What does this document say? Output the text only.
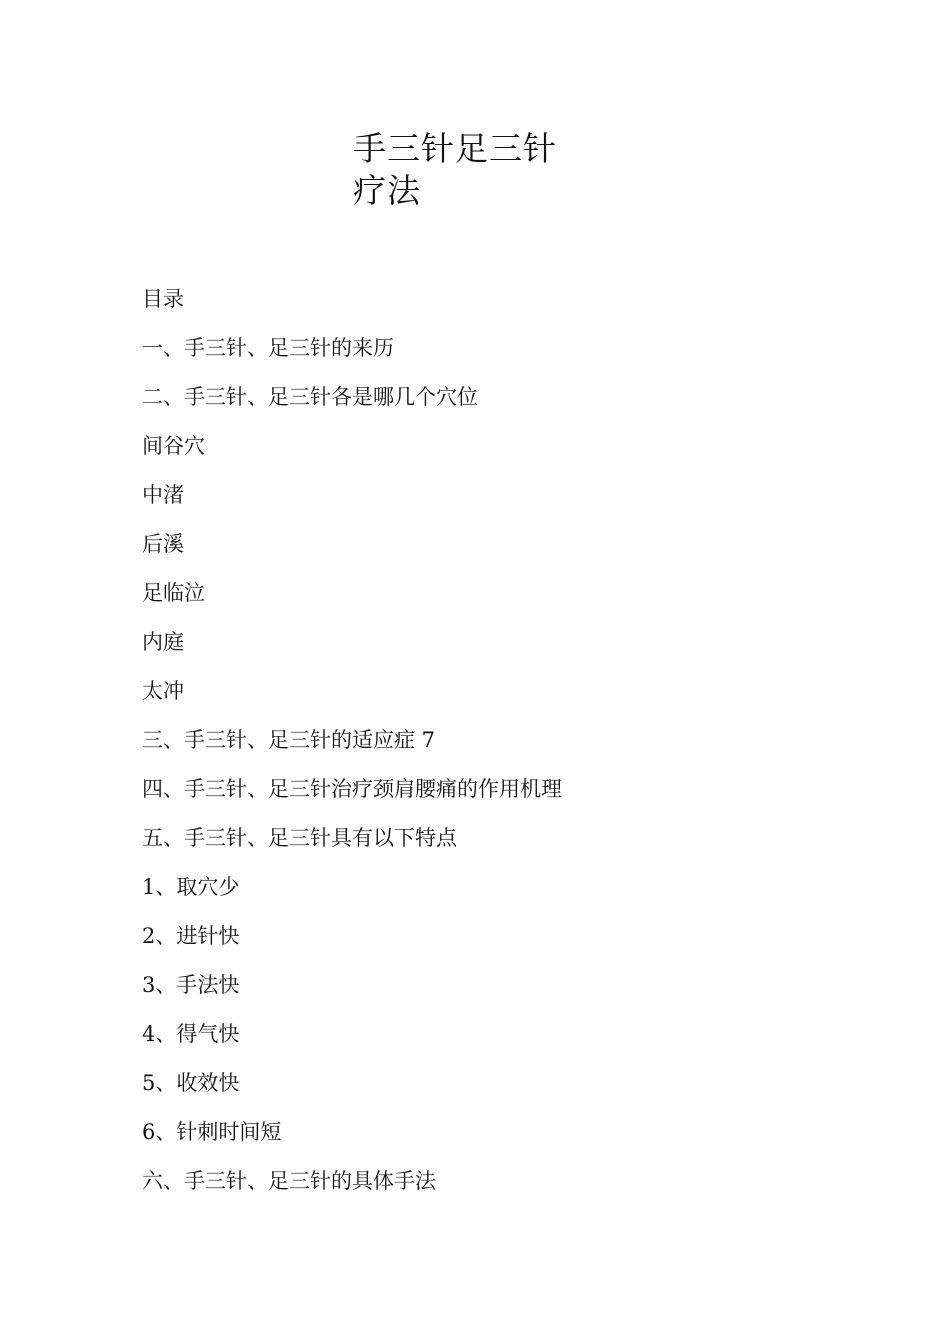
手三针足三针
疗法
目录
一、手三针、足三针的来历
二、手三针、足三针各是哪几个穴位
间谷穴
中渚
后溪
足临泣
内庭
太冲
三、手三针、足三针的适应症 7
四、手三针、足三针治疗颈肩腰痛的作用机理
五、手三针、足三针具有以下特点
1、取穴少
2、进针快
3、手法快
4、得气快
5、收效快
6、针刺时间短
六、手三针、足三针的具体手法
